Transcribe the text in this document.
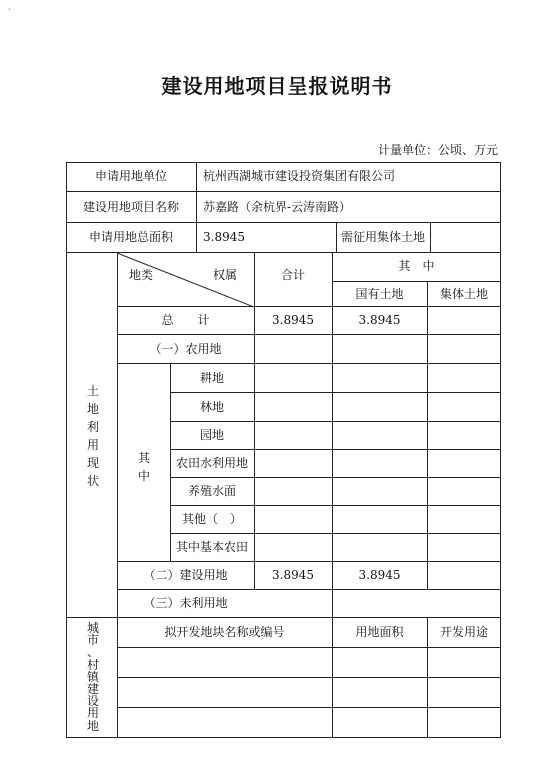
ˋ
建设用地项目呈报说明书
计量单位：公顷、万元
申请用地单位	杭州西湖城市建设投资集团有限公司
建设用地项目名称	苏嘉路（余杭界-云涛南路）
申请用地总面积	3.8945	需征用集体土地
土
地
利
用
现
状
地类	权属	合计
其　中
国有土地	集体土地
总　　计	3.8945	3.8945
（一）农用地
其
中
耕地
林地
园地
农田水利用地
养殖水面
其他（　）
其中基本农田
（二）建设用地	3.8945	3.8945
（三）未利用地
城
市
、
村
镇
建
设
用
地
拟开发地块名称或编号	用地面积	开发用途
